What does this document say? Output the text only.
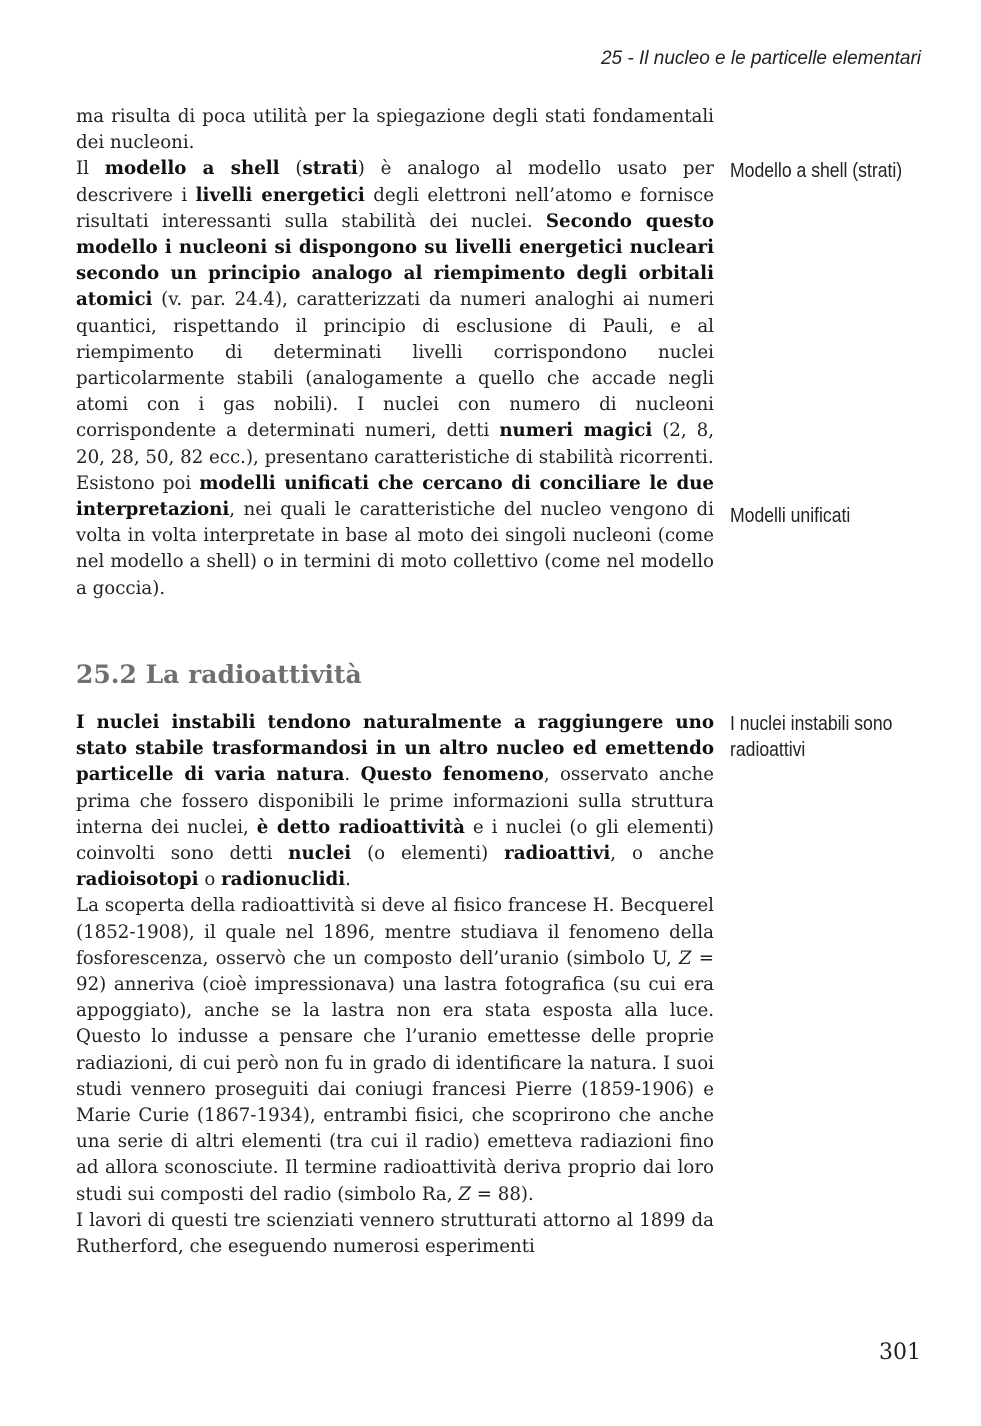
25 - Il nucleo e le particelle elementari

ma risulta di poca utilità per la spiegazione degli stati fondamentali dei nucleoni.

Il modello a shell (strati) è analogo al modello usato per descrivere i livelli energetici degli elettroni nell’atomo e fornisce risultati interessanti sulla stabilità dei nuclei. Secondo questo modello i nucleoni si dispongono su livelli energetici nucleari secondo un principio analogo al riempimento degli orbitali atomici (v. par. 24.4), caratterizzati da numeri analoghi ai numeri quantici, rispettando il principio di esclusione di Pauli, e al riempimento di determinati livelli corrispondono nuclei particolarmente stabili (analogamente a quello che accade negli atomi con i gas nobili). I nuclei con numero di nucleoni corrispondente a determinati numeri, detti numeri magici (2, 8, 20, 28, 50, 82 ecc.), presentano caratteristiche di stabilità ricorrenti.

Esistono poi modelli unificati che cercano di conciliare le due interpretazioni, nei quali le caratteristiche del nucleo vengono di volta in volta interpretate in base al moto dei singoli nucleoni (come nel modello a shell) o in termini di moto collettivo (come nel modello a goccia).

25.2 La radioattività

I nuclei instabili tendono naturalmente a raggiungere uno stato stabile trasformandosi in un altro nucleo ed emettendo particelle di varia natura. Questo fenomeno, osservato anche prima che fossero disponibili le prime informazioni sulla struttura interna dei nuclei, è detto radioattività e i nuclei (o gli elementi) coinvolti sono detti nuclei (o elementi) radioattivi, o anche radioisotopi o radionuclidi.

La scoperta della radioattività si deve al fisico francese H. Becquerel (1852-1908), il quale nel 1896, mentre studiava il fenomeno della fosforescenza, osservò che un composto dell’uranio (simbolo U, Z = 92) anneriva (cioè impressionava) una lastra fotografica (su cui era appoggiato), anche se la lastra non era stata esposta alla luce. Questo lo indusse a pensare che l’uranio emettesse delle proprie radiazioni, di cui però non fu in grado di identificare la natura. I suoi studi vennero proseguiti dai coniugi francesi Pierre (1859-1906) e Marie Curie (1867-1934), entrambi fisici, che scoprirono che anche una serie di altri elementi (tra cui il radio) emetteva radiazioni fino ad allora sconosciute. Il termine radioattività deriva proprio dai loro studi sui composti del radio (simbolo Ra, Z = 88).

I lavori di questi tre scienziati vennero strutturati attorno al 1899 da Rutherford, che eseguendo numerosi esperimenti

Modello a shell (strati)
Modelli unificati
I nuclei instabili sono radioattivi
301
